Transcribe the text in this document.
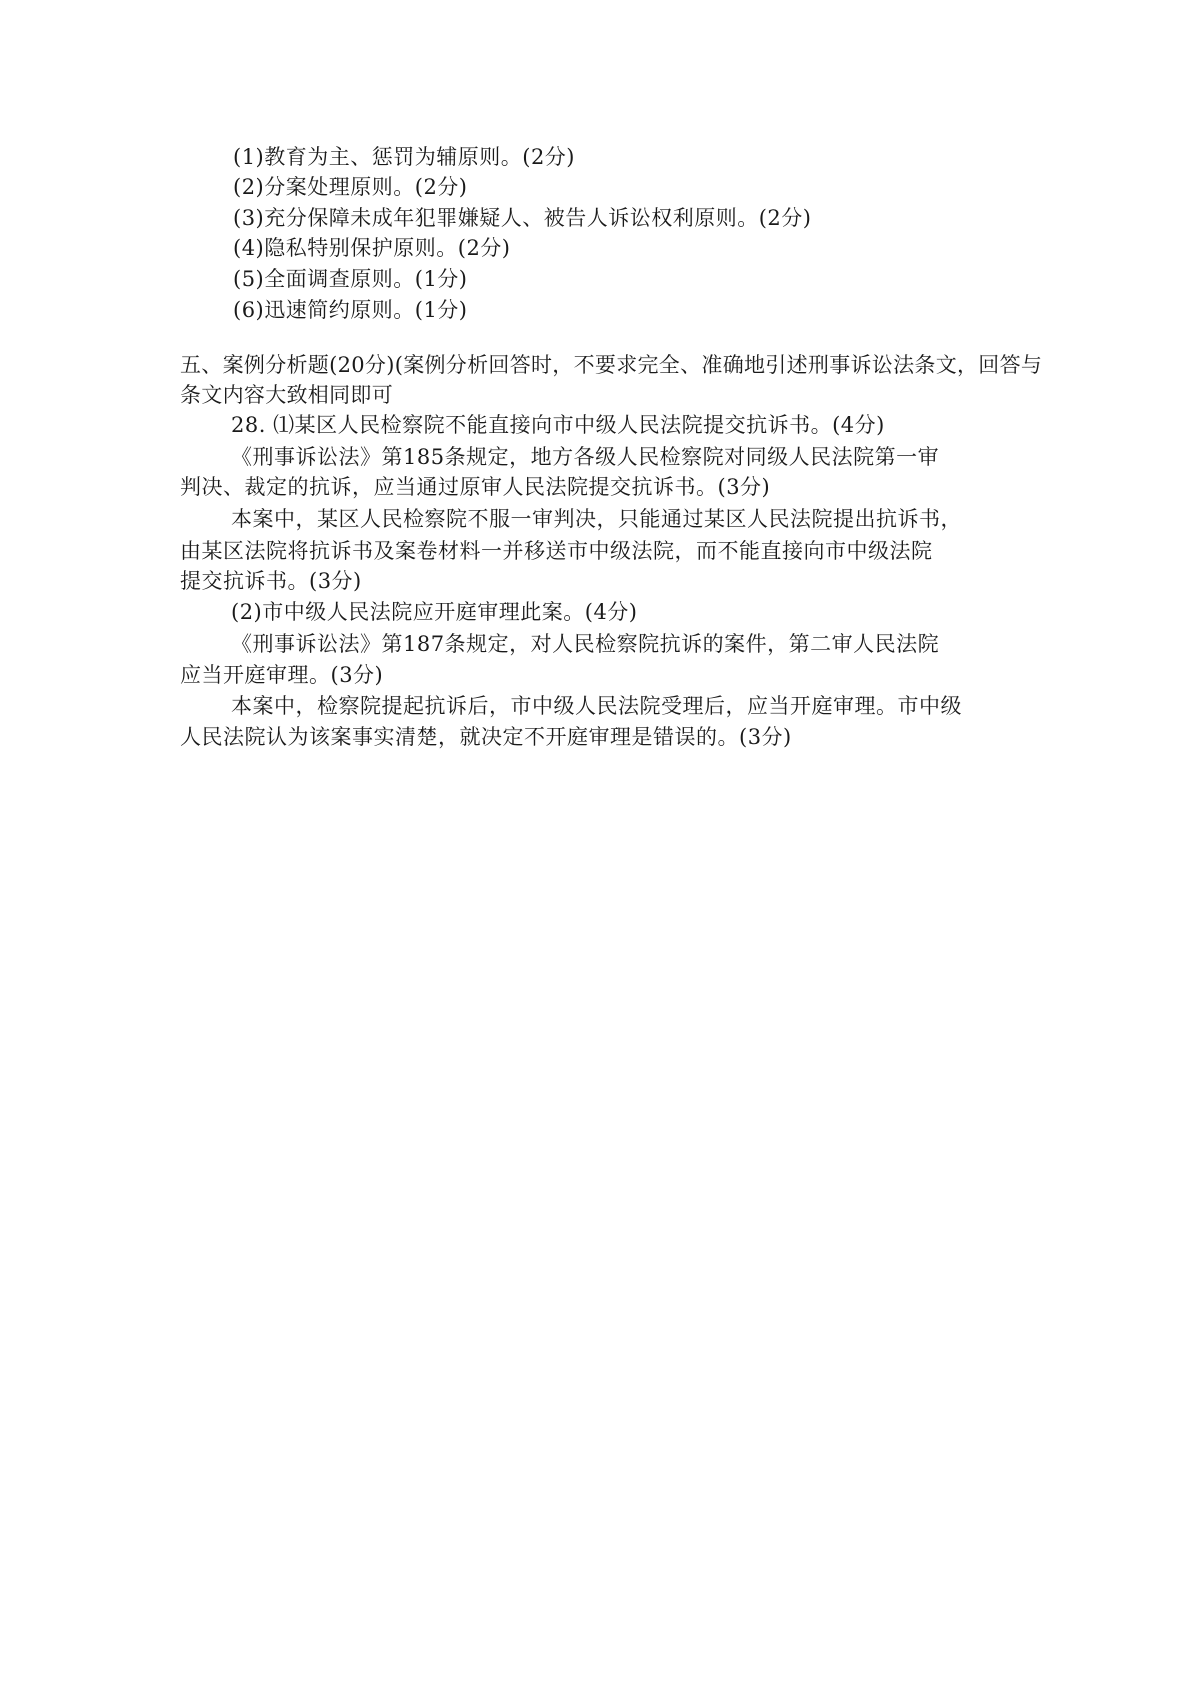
(1)教育为主、惩罚为辅原则。(2分)
(2)分案处理原则。(2分)
(3)充分保障未成年犯罪嫌疑人、被告人诉讼权利原则。(2分)
(4)隐私特别保护原则。(2分)
(5)全面调查原则。(1分)
(6)迅速简约原则。(1分)
五、案例分析题(20分)(案例分析回答时，不要求完全、准确地引述刑事诉讼法条文，回答与
条文内容大致相同即可
28. ⑴某区人民检察院不能直接向市中级人民法院提交抗诉书。(4分)
《刑事诉讼法》第185条规定，地方各级人民检察院对同级人民法院第一审
判决、裁定的抗诉，应当通过原审人民法院提交抗诉书。(3分)
本案中，某区人民检察院不服一审判决，只能通过某区人民法院提出抗诉书，
由某区法院将抗诉书及案卷材料一并移送市中级法院，而不能直接向市中级法院
提交抗诉书。(3分)
(2)市中级人民法院应开庭审理此案。(4分)
《刑事诉讼法》第187条规定，对人民检察院抗诉的案件，第二审人民法院
应当开庭审理。(3分)
本案中，检察院提起抗诉后，市中级人民法院受理后，应当开庭审理。市中级
人民法院认为该案事实清楚，就决定不开庭审理是错误的。(3分)
